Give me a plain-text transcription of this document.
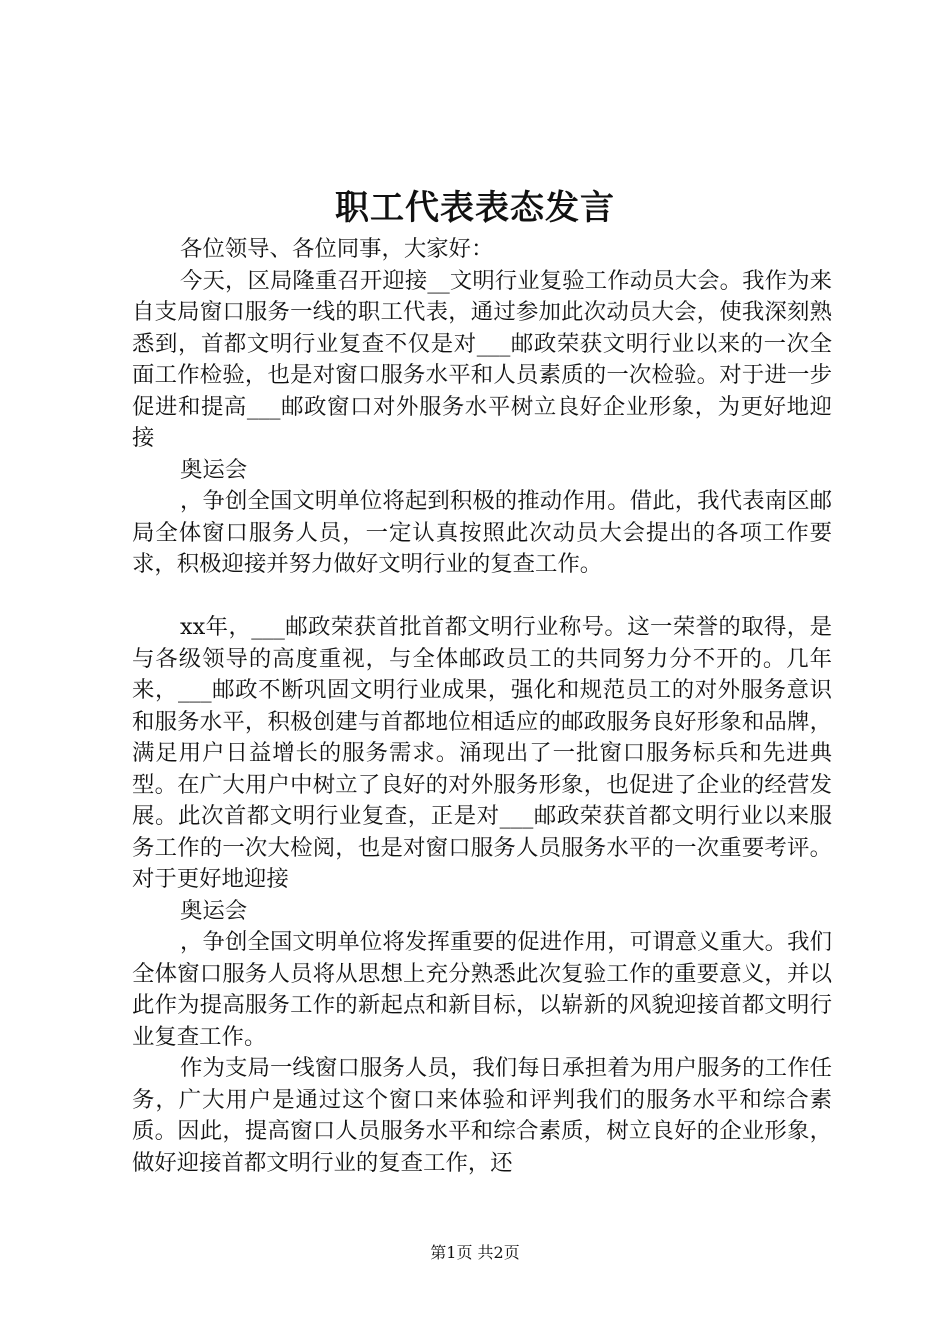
职工代表表态发言

各位领导、各位同事，大家好：

今天，区局隆重召开迎接__文明行业复验工作动员大会。我作为来自支局窗口服务一线的职工代表，通过参加此次动员大会，使我深刻熟悉到，首都文明行业复查不仅是对___邮政荣获文明行业以来的一次全面工作检验，也是对窗口服务水平和人员素质的一次检验。对于进一步促进和提高___邮政窗口对外服务水平树立良好企业形象，为更好地迎接

奥运会

，争创全国文明单位将起到积极的推动作用。借此，我代表南区邮局全体窗口服务人员，一定认真按照此次动员大会提出的各项工作要求，积极迎接并努力做好文明行业的复查工作。

xx年，___邮政荣获首批首都文明行业称号。这一荣誉的取得，是与各级领导的高度重视，与全体邮政员工的共同努力分不开的。几年来，___邮政不断巩固文明行业成果，强化和规范员工的对外服务意识和服务水平，积极创建与首都地位相适应的邮政服务良好形象和品牌，满足用户日益增长的服务需求。涌现出了一批窗口服务标兵和先进典型。在广大用户中树立了良好的对外服务形象，也促进了企业的经营发展。此次首都文明行业复查，正是对___邮政荣获首都文明行业以来服务工作的一次大检阅，也是对窗口服务人员服务水平的一次重要考评。对于更好地迎接

奥运会

，争创全国文明单位将发挥重要的促进作用，可谓意义重大。我们全体窗口服务人员将从思想上充分熟悉此次复验工作的重要意义，并以此作为提高服务工作的新起点和新目标，以崭新的风貌迎接首都文明行业复查工作。

作为支局一线窗口服务人员，我们每日承担着为用户服务的工作任务，广大用户是通过这个窗口来体验和评判我们的服务水平和综合素质。因此，提高窗口人员服务水平和综合素质，树立良好的企业形象，做好迎接首都文明行业的复查工作，还

第1页 共2页
